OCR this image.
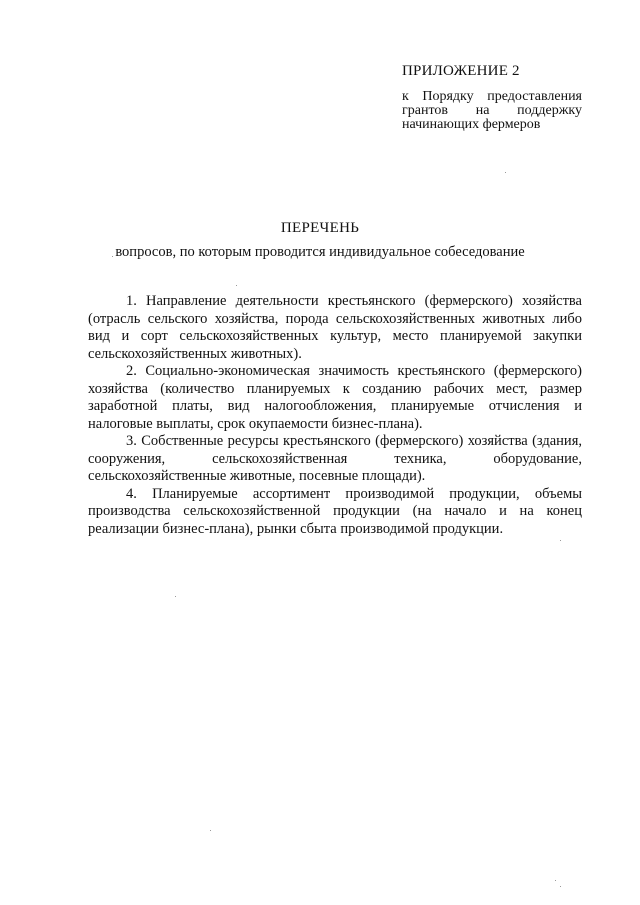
ПРИЛОЖЕНИЕ 2

к Порядку предоставления грантов на поддержку начинающих фермеров

ПЕРЕЧЕНЬ
вопросов, по которым проводится индивидуальное собеседование

1. Направление деятельности крестьянского (фермерского) хозяйства (отрасль сельского хозяйства, порода сельскохозяйственных животных либо вид и сорт сельскохозяйственных культур, место планируемой закупки сельскохозяйственных животных).

2. Социально-экономическая значимость крестьянского (фермерского) хозяйства (количество планируемых к созданию рабочих мест, размер заработной платы, вид налогообложения, планируемые отчисления и налоговые выплаты, срок окупаемости бизнес-плана).

3. Собственные ресурсы крестьянского (фермерского) хозяйства (здания, сооружения, сельскохозяйственная техника, оборудование, сельскохозяйственные животные, посевные площади).

4. Планируемые ассортимент производимой продукции, объемы производства сельскохозяйственной продукции (на начало и на конец реализации бизнес-плана), рынки сбыта производимой продукции.
